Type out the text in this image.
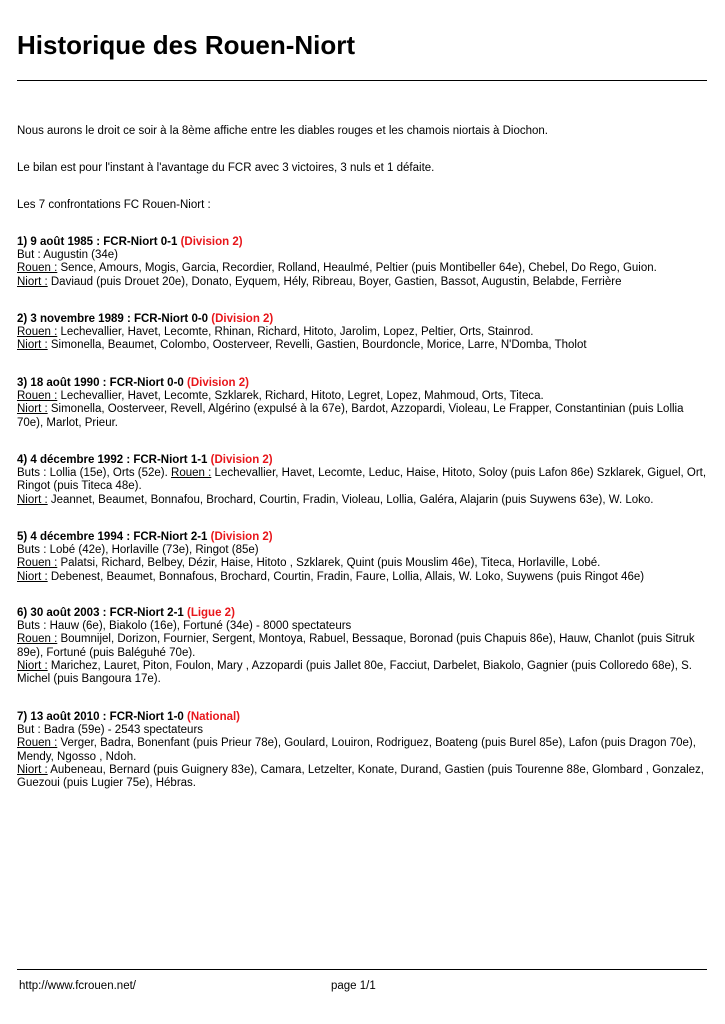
Historique des Rouen-Niort

Nous aurons le droit ce soir à la 8ème affiche entre les diables rouges et les chamois niortais à Diochon.

Le bilan est pour l'instant à l'avantage du FCR avec 3 victoires, 3 nuls et 1 défaite.

Les 7 confrontations FC Rouen-Niort :

1) 9 août 1985 : FCR-Niort 0-1 (Division 2)
But : Augustin (34e)
Rouen : Sence, Amours, Mogis, Garcia, Recordier, Rolland, Heaulmé, Peltier (puis Montibeller 64e), Chebel, Do Rego, Guion.
Niort : Daviaud (puis Drouet 20e), Donato, Eyquem, Hély, Ribreau, Boyer, Gastien, Bassot, Augustin, Belabde, Ferrière
2) 3 novembre 1989 : FCR-Niort 0-0 (Division 2)
Rouen : Lechevallier, Havet, Lecomte, Rhinan, Richard, Hitoto, Jarolim, Lopez, Peltier, Orts, Stainrod.
Niort : Simonella, Beaumet, Colombo, Oosterveer, Revelli, Gastien, Bourdoncle, Morice, Larre, N'Domba, Tholot
3) 18 août 1990 : FCR-Niort 0-0 (Division 2)
Rouen : Lechevallier, Havet, Lecomte, Szklarek, Richard, Hitoto, Legret, Lopez, Mahmoud, Orts, Titeca.
Niort : Simonella, Oosterveer, Revell, Algérino (expulsé à la 67e), Bardot, Azzopardi, Violeau, Le Frapper, Constantinian (puis Lollia 70e), Marlot, Prieur.
4) 4 décembre 1992 : FCR-Niort 1-1 (Division 2)
Buts : Lollia (15e), Orts (52e). Rouen : Lechevallier, Havet, Lecomte, Leduc, Haise, Hitoto, Soloy (puis Lafon 86e) Szklarek, Giguel, Ort, Ringot (puis Titeca 48e).
Niort : Jeannet, Beaumet, Bonnafou, Brochard, Courtin, Fradin, Violeau, Lollia, Galéra, Alajarin (puis Suywens 63e), W. Loko.
5) 4 décembre 1994 : FCR-Niort 2-1 (Division 2)
Buts : Lobé (42e), Horlaville (73e), Ringot (85e)
Rouen : Palatsi, Richard, Belbey, Dézir, Haise, Hitoto , Szklarek, Quint (puis Mouslim 46e), Titeca, Horlaville, Lobé.
Niort : Debenest, Beaumet, Bonnafous, Brochard, Courtin, Fradin, Faure, Lollia, Allais, W. Loko, Suywens (puis Ringot 46e)
6) 30 août 2003 : FCR-Niort 2-1 (Ligue 2)
Buts : Hauw (6e), Biakolo (16e), Fortuné (34e) - 8000 spectateurs
Rouen : Boumnijel, Dorizon, Fournier, Sergent, Montoya, Rabuel, Bessaque, Boronad (puis Chapuis 86e), Hauw, Chanlot (puis Sitruk 89e), Fortuné (puis Baléguhé 70e).
Niort : Marichez, Lauret, Piton, Foulon, Mary , Azzopardi (puis Jallet 80e, Facciut, Darbelet, Biakolo, Gagnier (puis Colloredo 68e), S. Michel (puis Bangoura 17e).
7) 13 août 2010 : FCR-Niort 1-0 (National)
But : Badra (59e) - 2543 spectateurs
Rouen : Verger, Badra, Bonenfant (puis Prieur 78e), Goulard, Louiron, Rodriguez, Boateng (puis Burel 85e), Lafon (puis Dragon 70e), Mendy, Ngosso , Ndoh.
Niort : Aubeneau, Bernard (puis Guignery 83e), Camara, Letzelter, Konate, Durand, Gastien (puis Tourenne 88e, Glombard , Gonzalez, Guezoui (puis Lugier 75e), Hébras.
http://www.fcrouen.net/	page 1/1
